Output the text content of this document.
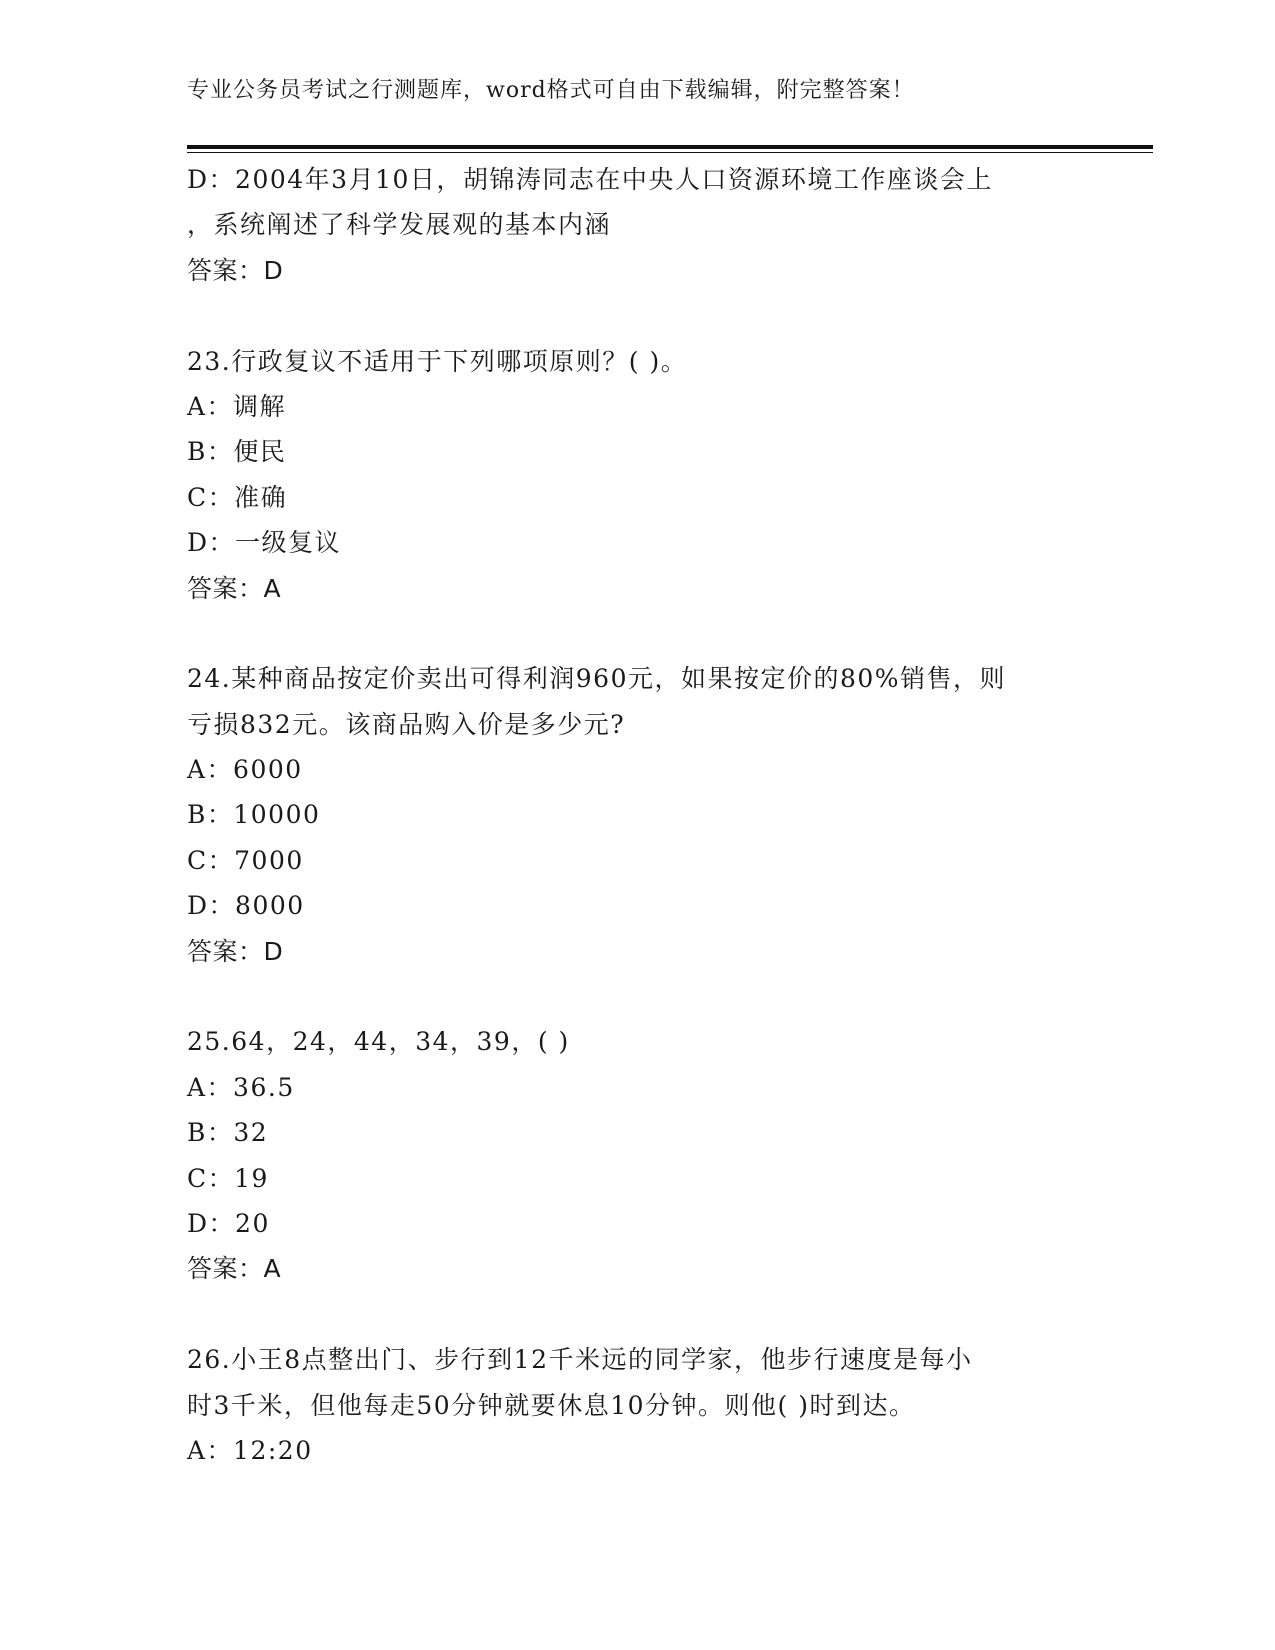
专业公务员考试之行测题库，word格式可自由下载编辑，附完整答案！
D：2004年3月10日，胡锦涛同志在中央人口资源环境工作座谈会上
，系统阐述了科学发展观的基本内涵
答案：D
23.行政复议不适用于下列哪项原则？( )。
A：调解
B：便民
C：准确
D：一级复议
答案：A
24.某种商品按定价卖出可得利润960元，如果按定价的80%销售，则
亏损832元。该商品购入价是多少元?
A：6000
B：10000
C：7000
D：8000
答案：D
25.64，24，44，34，39，( )
A：36.5
B：32
C：19
D：20
答案：A
26.小王8点整出门、步行到12千米远的同学家，他步行速度是每小
时3千米，但他每走50分钟就要休息10分钟。则他( )时到达。
A：12:20
